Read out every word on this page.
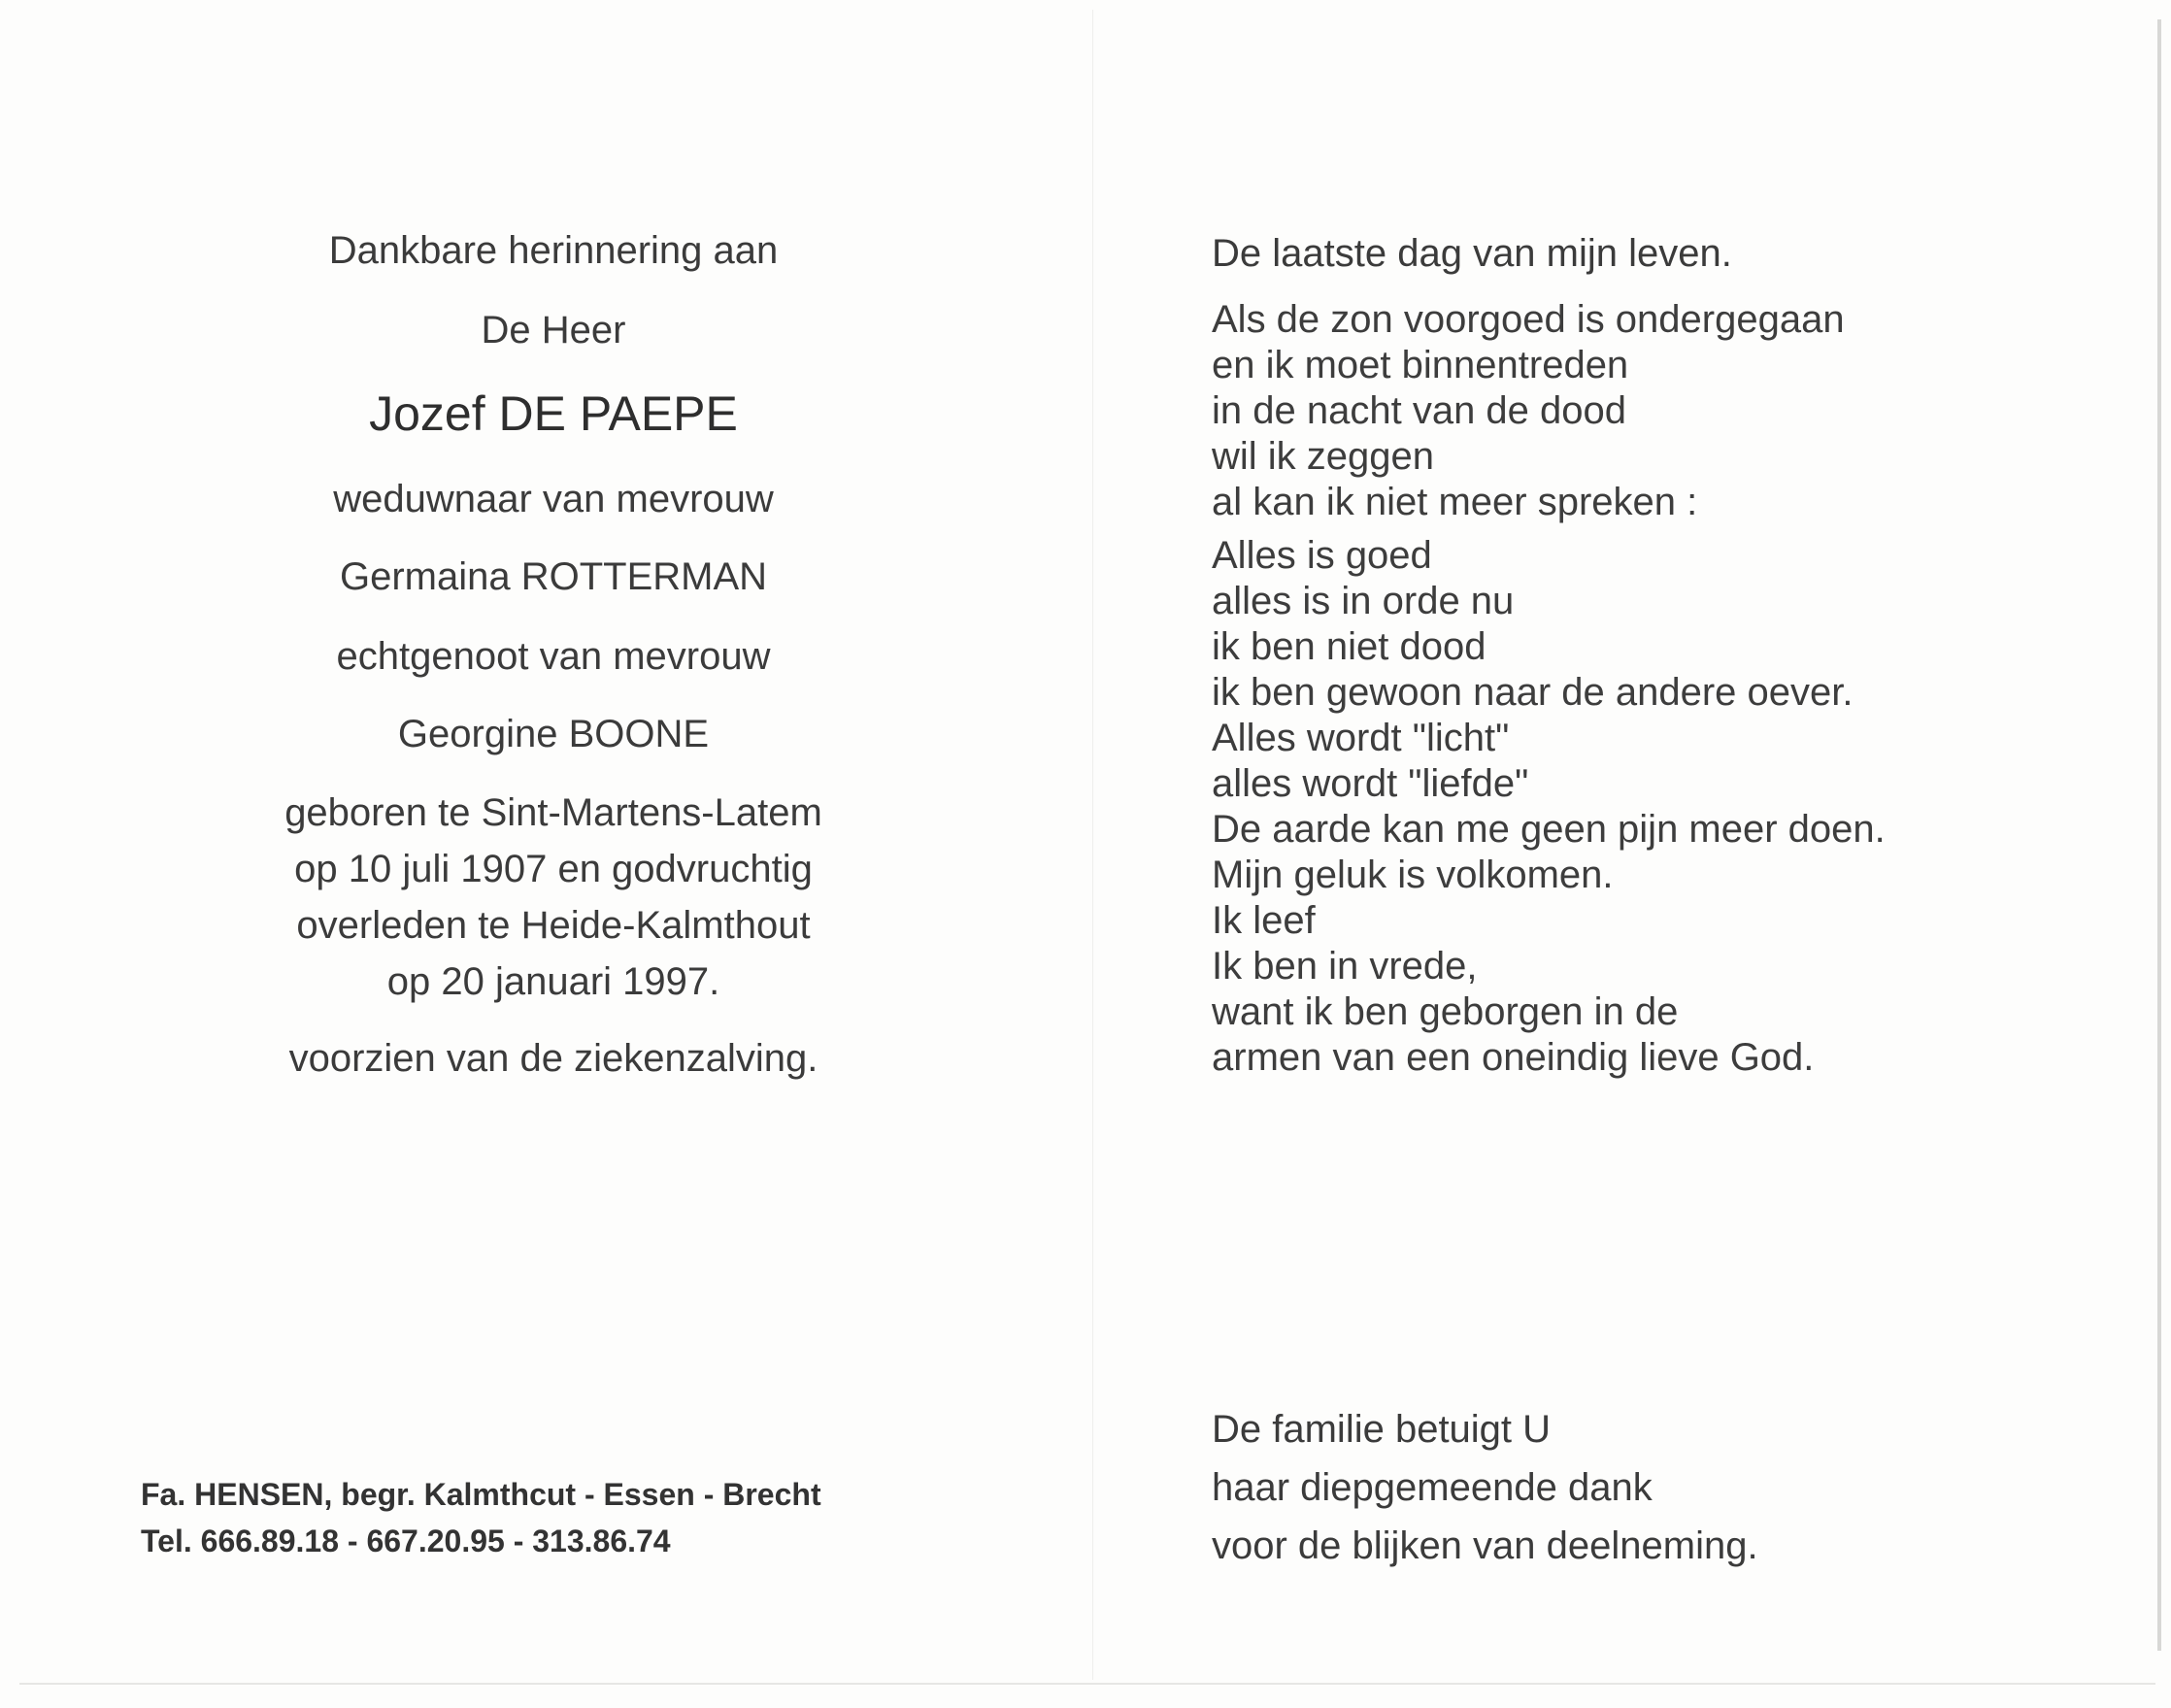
Dankbare herinnering aan
De Heer
Jozef DE PAEPE
weduwnaar van mevrouw
Germaina ROTTERMAN
echtgenoot van mevrouw
Georgine BOONE
geboren te Sint-Martens-Latem
op 10 juli 1907 en godvruchtig
overleden te Heide-Kalmthout
op 20 januari 1997.
voorzien van de ziekenzalving.
Fa. HENSEN, begr. Kalmthcut - Essen - Brecht
Tel. 666.89.18 - 667.20.95 - 313.86.74
De laatste dag van mijn leven.
Als de zon voorgoed is ondergegaan
en ik moet binnentreden
in de nacht van de dood
wil ik zeggen
al kan ik niet meer spreken :
Alles is goed
alles is in orde nu
ik ben niet dood
ik ben gewoon naar de andere oever.
Alles wordt "licht"
alles wordt "liefde"
De aarde kan me geen pijn meer doen.
Mijn geluk is volkomen.
Ik leef
Ik ben in vrede,
want ik ben geborgen in de
armen van een oneindig lieve God.
De familie betuigt U
haar diepgemeende dank
voor de blijken van deelneming.
